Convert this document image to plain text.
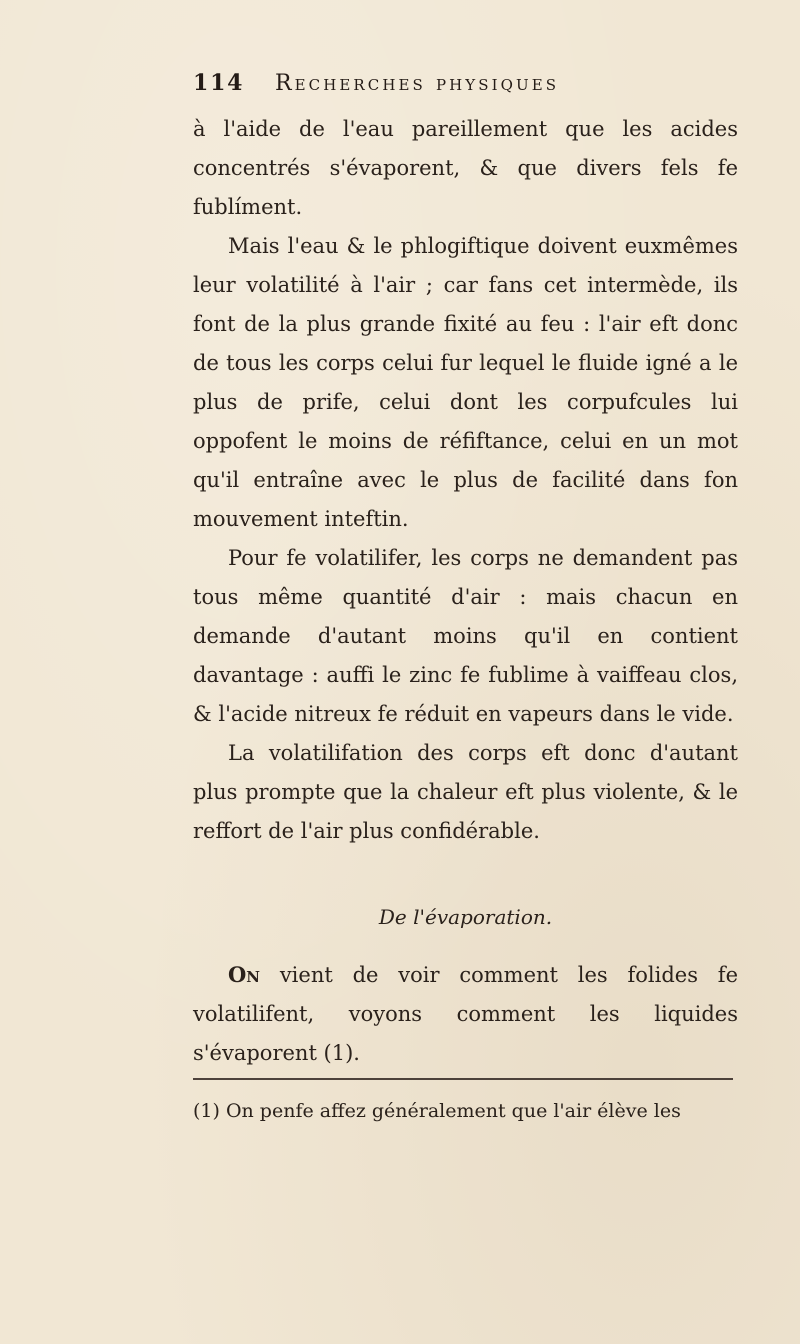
114	Recherches physiques

à l'aide de l'eau pareillement que les acides concentrés s'évaporent, & que divers fels fe fublíment.

Mais l'eau & le phlogiftique doivent euxmêmes leur volatilité à l'air ; car fans cet intermède, ils font de la plus grande fixité au feu : l'air eft donc de tous les corps celui fur lequel le fluide igné a le plus de prife, celui dont les corpufcules lui oppofent le moins de réfiftance, celui en un mot qu'il entraîne avec le plus de facilité dans fon mouvement inteftin.

Pour fe volatilifer, les corps ne demandent pas tous même quantité d'air : mais chacun en demande d'autant moins qu'il en contient davantage : auffi le zinc fe fublime à vaiffeau clos, & l'acide nitreux fe réduit en vapeurs dans le vide.

La volatilifation des corps eft donc d'autant plus prompte que la chaleur eft plus violente, & le reffort de l'air plus confidérable.

De l'évaporation.

On vient de voir comment les folides fe volatilifent, voyons comment les liquides s'évaporent (1).

(1) On penfe affez généralement que l'air élève les
